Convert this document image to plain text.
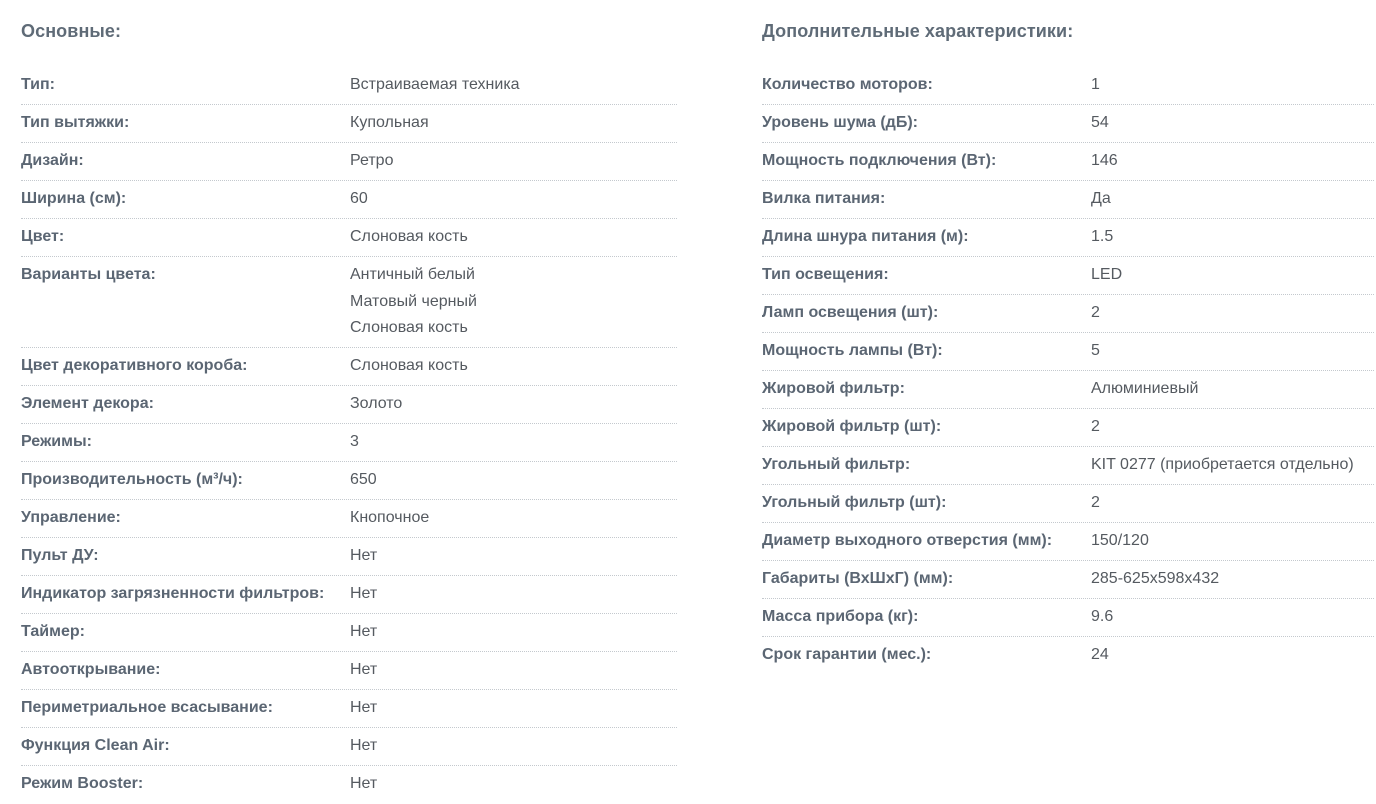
Основные:
Тип:	Встраиваемая техника
Тип вытяжки:	Купольная
Дизайн:	Ретро
Ширина (см):	60
Цвет:	Слоновая кость
Варианты цвета:	Античный белый
Матовый черный
Слоновая кость
Цвет декоративного короба:	Слоновая кость
Элемент декора:	Золото
Режимы:	3
Производительность (м³/ч):	650
Управление:	Кнопочное
Пульт ДУ:	Нет
Индикатор загрязненности фильтров:	Нет
Таймер:	Нет
Автооткрывание:	Нет
Периметриальное всасывание:	Нет
Функция Clean Air:	Нет
Режим Booster:	Нет
Дополнительные характеристики:
Количество моторов:	1
Уровень шума (дБ):	54
Мощность подключения (Вт):	146
Вилка питания:	Да
Длина шнура питания (м):	1.5
Тип освещения:	LED
Ламп освещения (шт):	2
Мощность лампы (Вт):	5
Жировой фильтр:	Алюминиевый
Жировой фильтр (шт):	2
Угольный фильтр:	KIT 0277 (приобретается отдельно)
Угольный фильтр (шт):	2
Диаметр выходного отверстия (мм):	150/120
Габариты (ВхШхГ) (мм):	285-625x598x432
Масса прибора (кг):	9.6
Срок гарантии (мес.):	24
